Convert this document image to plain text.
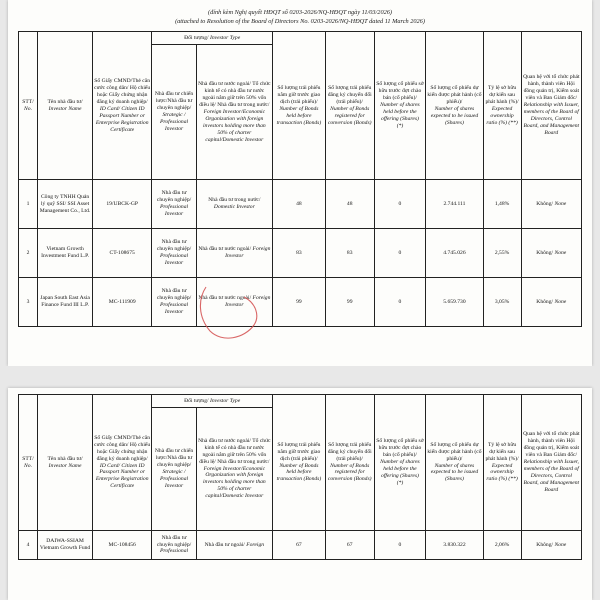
(đính kèm Nghị quyết HĐQT số 0203-2026/NQ-HĐQT ngày 11/03/2026)
(attached to Resolution of the Board of Directors No. 0203-2026/NQ-HĐQT dated 11 March 2026)
STT/
No.	Tên nhà đầu tư/
Investor Name	Số Giấy CMND/Thẻ căn cước công dân/ Hộ chiếu hoặc Giấy chứng nhận đăng ký doanh nghiệp/
ID Card/ Citizen ID Passport Number or Enterprise Registration Certificate	Đối tượng/ Investor Type		Số lượng trái phiếu nắm giữ trước giao dịch (trái phiếu)/
Number of Bonds held before transaction (Bonds)	Số lượng trái phiếu đăng ký chuyển đổi (trái phiếu)/
Number of Bonds registered for conversion (Bonds)	Số lượng cổ phiếu sở hữu trước đợt chào bán (cổ phiếu)/
Number of shares held before the offering (Shares)
(*)	Số lượng cổ phiếu dự kiến được phát hành (cổ phiếu)/
Number of shares expected to be issued (Shares)	Tỷ lệ sở hữu dự kiến sau phát hành (%)/
Expected ownership ratio (%) (**)	Quan hệ với tổ chức phát hành, thành viên Hội đồng quản trị, Kiểm soát viên và Ban Giám đốc/
Relationship with Issuer, members of the Board of Directors, Control Board, and Management Board

			Nhà đầu tư chiến lược/Nhà đầu tư chuyên nghiệp/
Strategic / Professional Investor	Nhà đầu tư nước ngoài/ Tổ chức kinh tế có nhà đầu tư nước ngoài nắm giữ trên 50% vốn điều lệ/ Nhà đầu tư trong nước/
Foreign Investor/Economic Organization with foreign investors holding more than 50% of charter capital/Domestic Investor						

1	Công ty TNHH Quản lý quỹ SSI/ SSI Asset Management Co., Ltd.	19/UBCK-GP	Nhà đầu tư chuyên nghiệp/ Professional Investor	Nhà đầu tư trong nước/ Domestic Investor	48	48	0	2.744.111	1,48%	Không/ None
2	Vietnam Growth Investment Fund L.P.	CT-108675	Nhà đầu tư chuyên nghiệp/ Professional Investor	Nhà đầu tư nước ngoài/ Foreign Investor	83	83	0	4.745.026	2,55%	Không/ None
3	Japan South East Asia Finance Fund III L.P.	MC-111909	Nhà đầu tư chuyên nghiệp/ Professional Investor	Nhà đầu tư nước ngoài/ Foreign Investor	99	99	0	5.659.730	3,05%	Không/ None
STT/
No.	Tên nhà đầu tư/
Investor Name	Số Giấy CMND/Thẻ căn cước công dân/ Hộ chiếu hoặc Giấy chứng nhận đăng ký doanh nghiệp/
ID Card/ Citizen ID Passport Number or Enterprise Registration Certificate	Đối tượng/ Investor Type		Số lượng trái phiếu nắm giữ trước giao dịch (trái phiếu)/
Number of Bonds held before transaction (Bonds)	Số lượng trái phiếu đăng ký chuyển đổi (trái phiếu)/
Number of Bonds registered for conversion (Bonds)	Số lượng cổ phiếu sở hữu trước đợt chào bán (cổ phiếu)/
Number of shares held before the offering (Shares)
(*)	Số lượng cổ phiếu dự kiến được phát hành (cổ phiếu)/
Number of shares expected to be issued (Shares)	Tỷ lệ sở hữu dự kiến sau phát hành (%)/
Expected ownership ratio (%) (**)	Quan hệ với tổ chức phát hành, thành viên Hội đồng quản trị, Kiểm soát viên và Ban Giám đốc/
Relationship with Issuer, members of the Board of Directors, Control Board, and Management Board

			Nhà đầu tư chiến lược/Nhà đầu tư chuyên nghiệp/
Strategic / Professional Investor	Nhà đầu tư nước ngoài/ Tổ chức kinh tế có nhà đầu tư nước ngoài nắm giữ trên 50% vốn điều lệ/ Nhà đầu tư trong nước/
Foreign Investor/Economic Organization with foreign investors holding more than 50% of charter capital/Domestic Investor						

4	DAIWA-SSIAM Vietnam Growth Fund	MC-108456	Nhà đầu tư chuyên nghiệp/ Professional	Nhà đầu tư ngoài/ Foreign	67	67	0	3.830.322	2,06%	Không/ None
